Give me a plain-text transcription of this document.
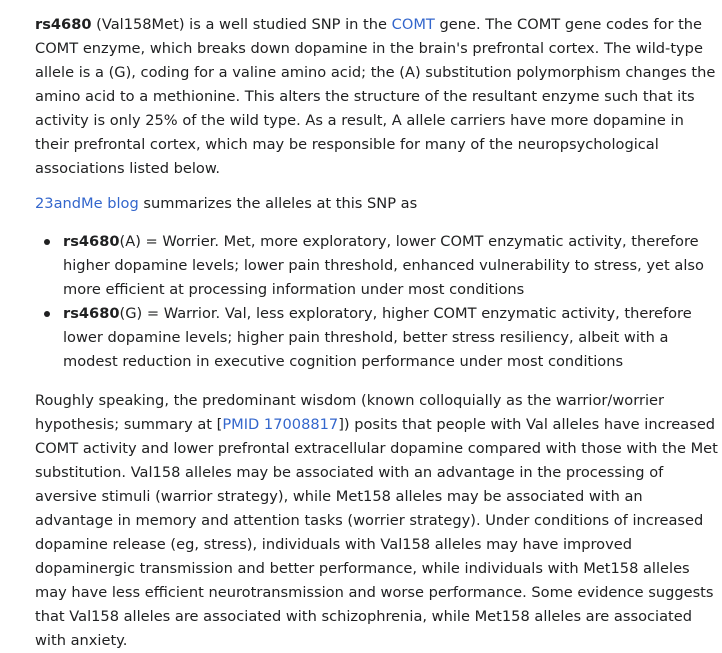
rs4680 (Val158Met) is a well studied SNP in the COMT gene. The COMT gene codes for the COMT enzyme, which breaks down dopamine in the brain's prefrontal cortex. The wild-type allele is a (G), coding for a valine amino acid; the (A) substitution polymorphism changes the amino acid to a methionine. This alters the structure of the resultant enzyme such that its activity is only 25% of the wild type. As a result, A allele carriers have more dopamine in their prefrontal cortex, which may be responsible for many of the neuropsychological associations listed below.

23andMe blog summarizes the alleles at this SNP as

rs4680(A) = Worrier. Met, more exploratory, lower COMT enzymatic activity, therefore higher dopamine levels; lower pain threshold, enhanced vulnerability to stress, yet also more efficient at processing information under most conditions
rs4680(G) = Warrior. Val, less exploratory, higher COMT enzymatic activity, therefore lower dopamine levels; higher pain threshold, better stress resiliency, albeit with a modest reduction in executive cognition performance under most conditions

Roughly speaking, the predominant wisdom (known colloquially as the warrior/worrier hypothesis; summary at [PMID 17008817]) posits that people with Val alleles have increased COMT activity and lower prefrontal extracellular dopamine compared with those with the Met substitution. Val158 alleles may be associated with an advantage in the processing of aversive stimuli (warrior strategy), while Met158 alleles may be associated with an advantage in memory and attention tasks (worrier strategy). Under conditions of increased dopamine release (eg, stress), individuals with Val158 alleles may have improved dopaminergic transmission and better performance, while individuals with Met158 alleles may have less efficient neurotransmission and worse performance. Some evidence suggests that Val158 alleles are associated with schizophrenia, while Met158 alleles are associated with anxiety.
